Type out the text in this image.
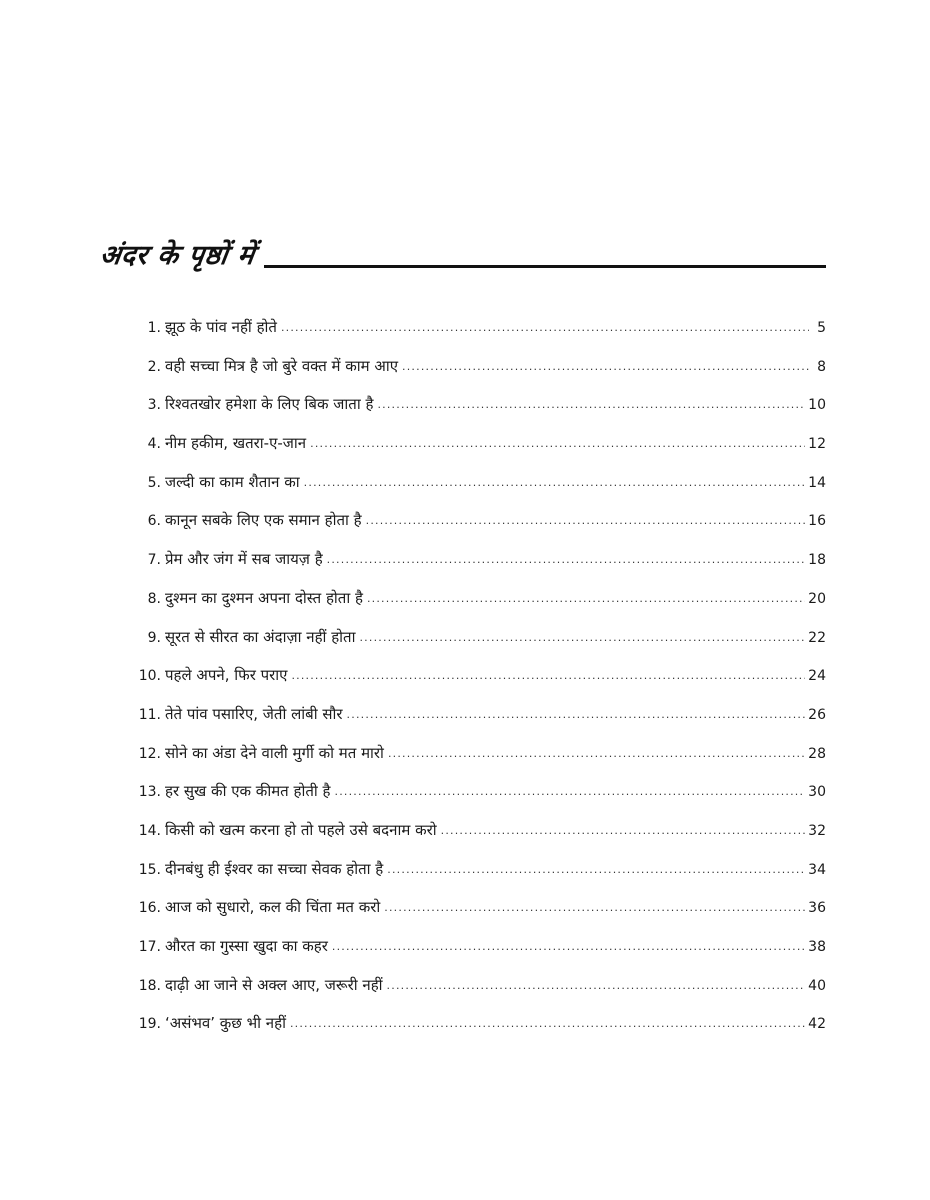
अंदर के पृष्ठों में
1. झूठ के पांव नहीं होते .....	5
2. वही सच्चा मित्र है जो बुरे वक्त में काम आए .....	8
3. रिश्वतखोर हमेशा के लिए बिक जाता है .....	10
4. नीम हकीम, खतरा-ए-जान .....	12
5. जल्दी का काम शैतान का .....	14
6. कानून सबके लिए एक समान होता है .....	16
7. प्रेम और जंग में सब जायज़ है .....	18
8. दुश्मन का दुश्मन अपना दोस्त होता है .....	20
9. सूरत से सीरत का अंदाज़ा नहीं होता .....	22
10. पहले अपने, फिर पराए .....	24
11. तेते पांव पसारिए, जेती लांबी सौर .....	26
12. सोने का अंडा देने वाली मुर्गी को मत मारो .....	28
13. हर सुख की एक कीमत होती है .....	30
14. किसी को खत्म करना हो तो पहले उसे बदनाम करो .....	32
15. दीनबंधु ही ईश्वर का सच्चा सेवक होता है .....	34
16. आज को सुधारो, कल की चिंता मत करो .....	36
17. औरत का गुस्सा खुदा का कहर .....	38
18. दाढ़ी आ जाने से अक्ल आए, जरूरी नहीं .....	40
19. ‘असंभव’ कुछ भी नहीं .....	42
